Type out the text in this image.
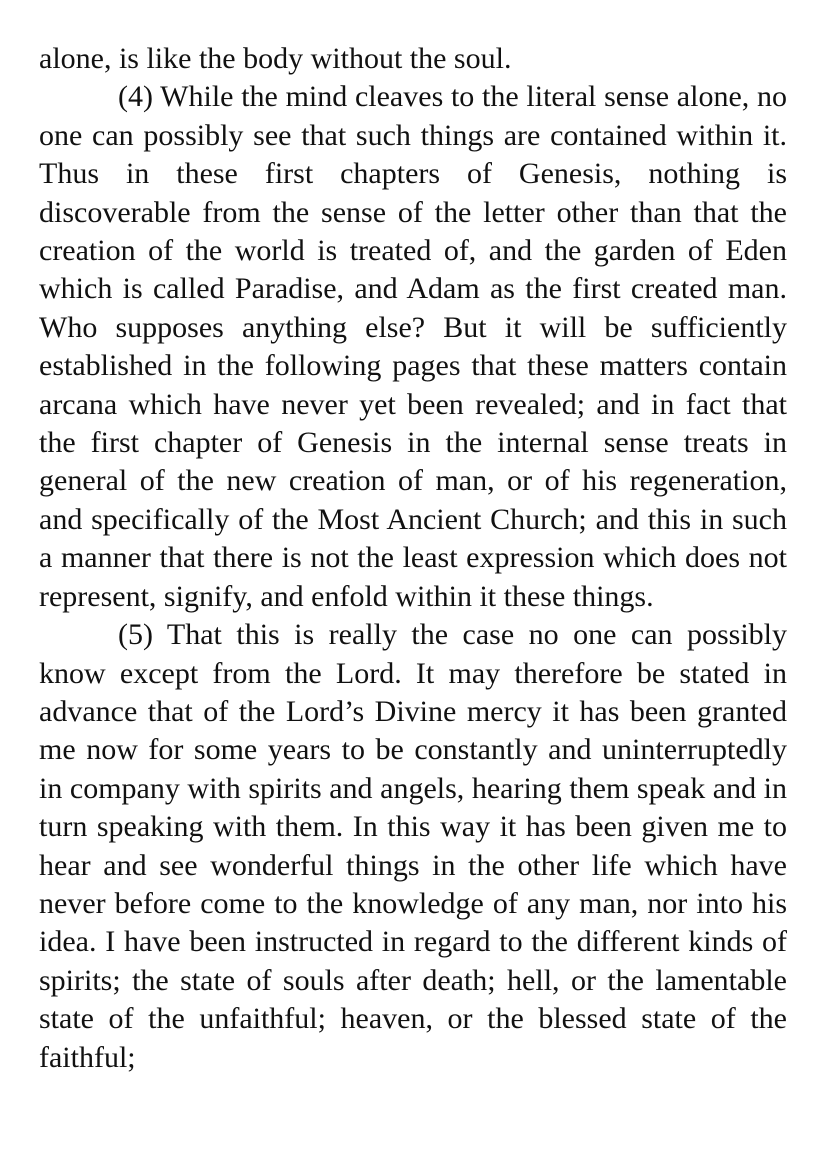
alone, is like the body without the soul.

(4) While the mind cleaves to the literal sense alone, no one can possibly see that such things are contained within it. Thus in these first chapters of Genesis, nothing is discoverable from the sense of the letter other than that the creation of the world is treated of, and the garden of Eden which is called Paradise, and Adam as the first created man. Who supposes anything else? But it will be sufficiently established in the following pages that these matters contain arcana which have never yet been revealed; and in fact that the first chapter of Genesis in the internal sense treats in general of the new creation of man, or of his regeneration, and specifically of the Most Ancient Church; and this in such a manner that there is not the least expression which does not represent, signify, and enfold within it these things.

(5) That this is really the case no one can possibly know except from the Lord. It may therefore be stated in advance that of the Lord’s Divine mercy it has been granted me now for some years to be constantly and uninterruptedly in company with spirits and angels, hearing them speak and in turn speaking with them. In this way it has been given me to hear and see wonderful things in the other life which have never before come to the knowledge of any man, nor into his idea. I have been instructed in regard to the different kinds of spirits; the state of souls after death; hell, or the lamentable state of the unfaithful; heaven, or the blessed state of the faithful;
